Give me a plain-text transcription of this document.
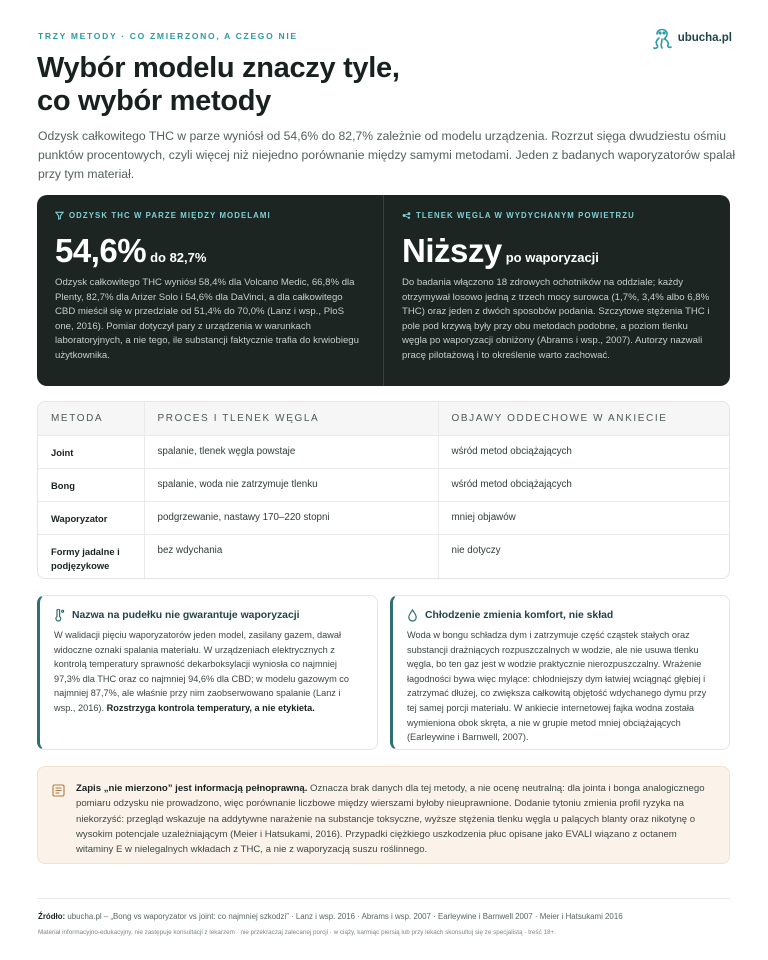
TRZY METODY · CO ZMIERZONO, A CZEGO NIE	ubucha.pl
Wybór modelu znaczy tyle,
co wybór metody

Odzysk całkowitego THC w parze wyniósł od 54,6% do 82,7% zależnie od modelu urządzenia. Rozrzut sięga dwudziestu ośmiu punktów procentowych, czyli więcej niż niejedno porównanie między samymi metodami. Jeden z badanych waporyzatorów spalał przy tym materiał.

ODZYSK THC W PARZE MIĘDZY MODELAMI
54,6% do 82,7%

Odzysk całkowitego THC wyniósł 58,4% dla Volcano Medic, 66,8% dla Plenty, 82,7% dla Arizer Solo i 54,6% dla DaVinci, a dla całkowitego CBD mieścił się w przedziale od 51,4% do 70,0% (Lanz i wsp., PloS one, 2016). Pomiar dotyczył pary z urządzenia w warunkach laboratoryjnych, a nie tego, ile substancji faktycznie trafia do krwiobiegu użytkownika.

TLENEK WĘGLA W WYDYCHANYM POWIETRZU
Niższy po waporyzacji

Do badania włączono 18 zdrowych ochotników na oddziale; każdy otrzymywał losowo jedną z trzech mocy surowca (1,7%, 3,4% albo 6,8% THC) oraz jeden z dwóch sposobów podania. Szczytowe stężenia THC i pole pod krzywą były przy obu metodach podobne, a poziom tlenku węgla po waporyzacji obniżony (Abrams i wsp., 2007). Autorzy nazwali pracę pilotażową i to określenie warto zachować.

METODA	PROCES I TLENEK WĘGLA	OBJAWY ODDECHOWE W ANKIECIE
Joint	spalanie, tlenek węgla powstaje	wśród metod obciążających
Bong	spalanie, woda nie zatrzymuje tlenku	wśród metod obciążających
Waporyzator	podgrzewanie, nastawy 170–220 stopni	mniej objawów
Formy jadalne i podjęzykowe	bez wdychania	nie dotyczy
Nazwa na pudełku nie gwarantuje waporyzacji

W walidacji pięciu waporyzatorów jeden model, zasilany gazem, dawał widoczne oznaki spalania materiału. W urządzeniach elektrycznych z kontrolą temperatury sprawność dekarboksylacji wyniosła co najmniej 97,3% dla THC oraz co najmniej 94,6% dla CBD; w modelu gazowym co najmniej 87,7%, ale właśnie przy nim zaobserwowano spalanie (Lanz i wsp., 2016). Rozstrzyga kontrola temperatury, a nie etykieta.

Chłodzenie zmienia komfort, nie skład

Woda w bongu schładza dym i zatrzymuje część cząstek stałych oraz substancji drażniących rozpuszczalnych w wodzie, ale nie usuwa tlenku węgla, bo ten gaz jest w wodzie praktycznie nierozpuszczalny. Wrażenie łagodności bywa więc mylące: chłodniejszy dym łatwiej wciągnąć głębiej i zatrzymać dłużej, co zwiększa całkowitą objętość wdychanego dymu przy tej samej porcji materiału. W ankiecie internetowej fajka wodna została wymieniona obok skręta, a nie w grupie metod mniej obciążających (Earleywine i Barnwell, 2007).

Zapis „nie mierzono” jest informacją pełnoprawną. Oznacza brak danych dla tej metody, a nie ocenę neutralną: dla jointa i bonga analogicznego pomiaru odzysku nie prowadzono, więc porównanie liczbowe między wierszami byłoby nieuprawnione. Dodanie tytoniu zmienia profil ryzyka na niekorzyść: przegląd wskazuje na addytywne narażenie na substancje toksyczne, wyższe stężenia tlenku węgla u palących blanty oraz nikotynę o wysokim potencjale uzależniającym (Meier i Hatsukami, 2016). Przypadki ciężkiego uszkodzenia płuc opisane jako EVALI wiązano z octanem witaminy E w nielegalnych wkładach z THC, a nie z waporyzacją suszu roślinnego.

Źródło: ubucha.pl – „Bong vs waporyzator vs joint: co najmniej szkodzi” · Lanz i wsp. 2016 · Abrams i wsp. 2007 · Earleywine i Barnwell 2007 · Meier i Hatsukami 2016

Materiał informacyjno-edukacyjny, nie zastępuje konsultacji z lekarzem · nie przekraczaj zalecanej porcji · w ciąży, karmiąc piersią lub przy lekach skonsultuj się ze specjalistą · treść 18+.
